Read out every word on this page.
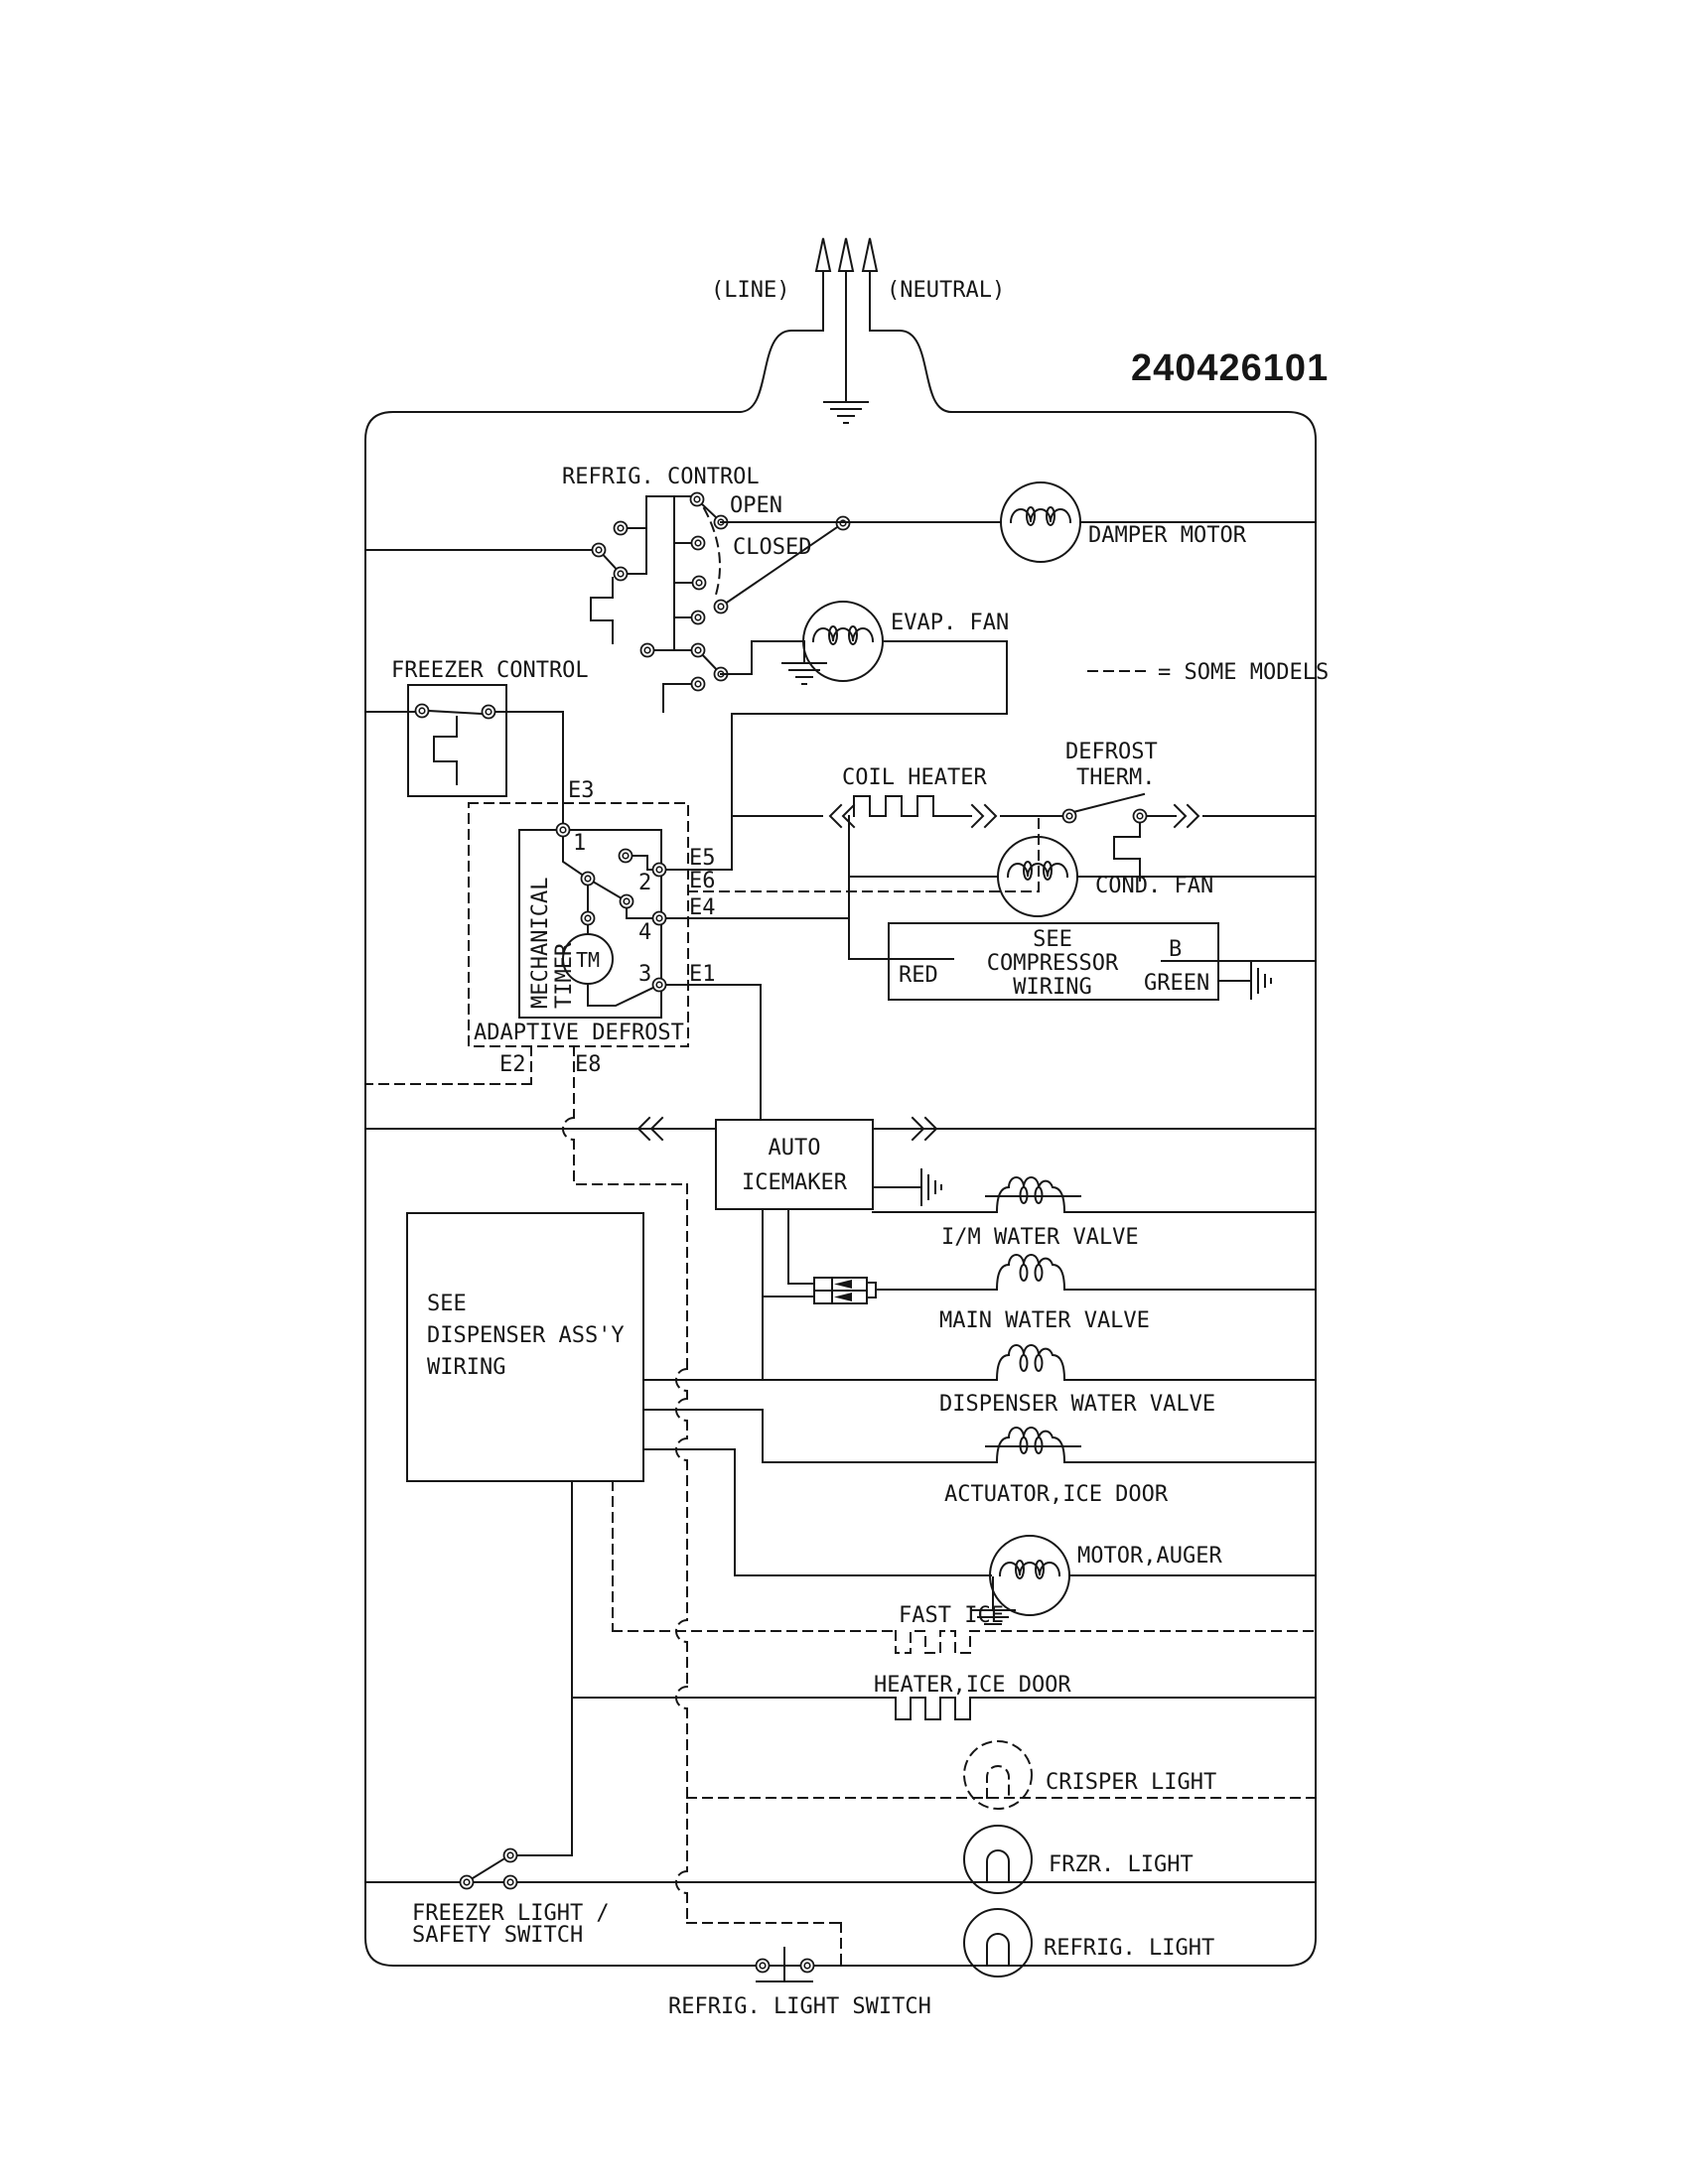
(LINE)	(NEUTRAL)
240426101
REFRIG. CONTROL
OPEN
CLOSED	DAMPER MOTOR
EVAP. FAN
= SOME MODELS
FREEZER CONTROL
COIL HEATER
DEFROST
THERM.
MECHANICAL TIMER
TM
ADAPTIVE DEFROST
E3
E5
E6
E4
E1
1
2
4
3
E2 E8
COND. FAN
SEE
COMPRESSOR
WIRING
RED
B
GREEN
AUTO
ICEMAKER
I/M WATER VALVE
MAIN WATER VALVE
DISPENSER WATER VALVE
SEE
DISPENSER ASS'Y
WIRING
ACTUATOR,ICE DOOR
MOTOR,AUGER
FAST ICE
HEATER,ICE DOOR
CRISPER LIGHT
FRZR. LIGHT
FREEZER LIGHT /
SAFETY SWITCH
REFRIG. LIGHT
REFRIG. LIGHT SWITCH
